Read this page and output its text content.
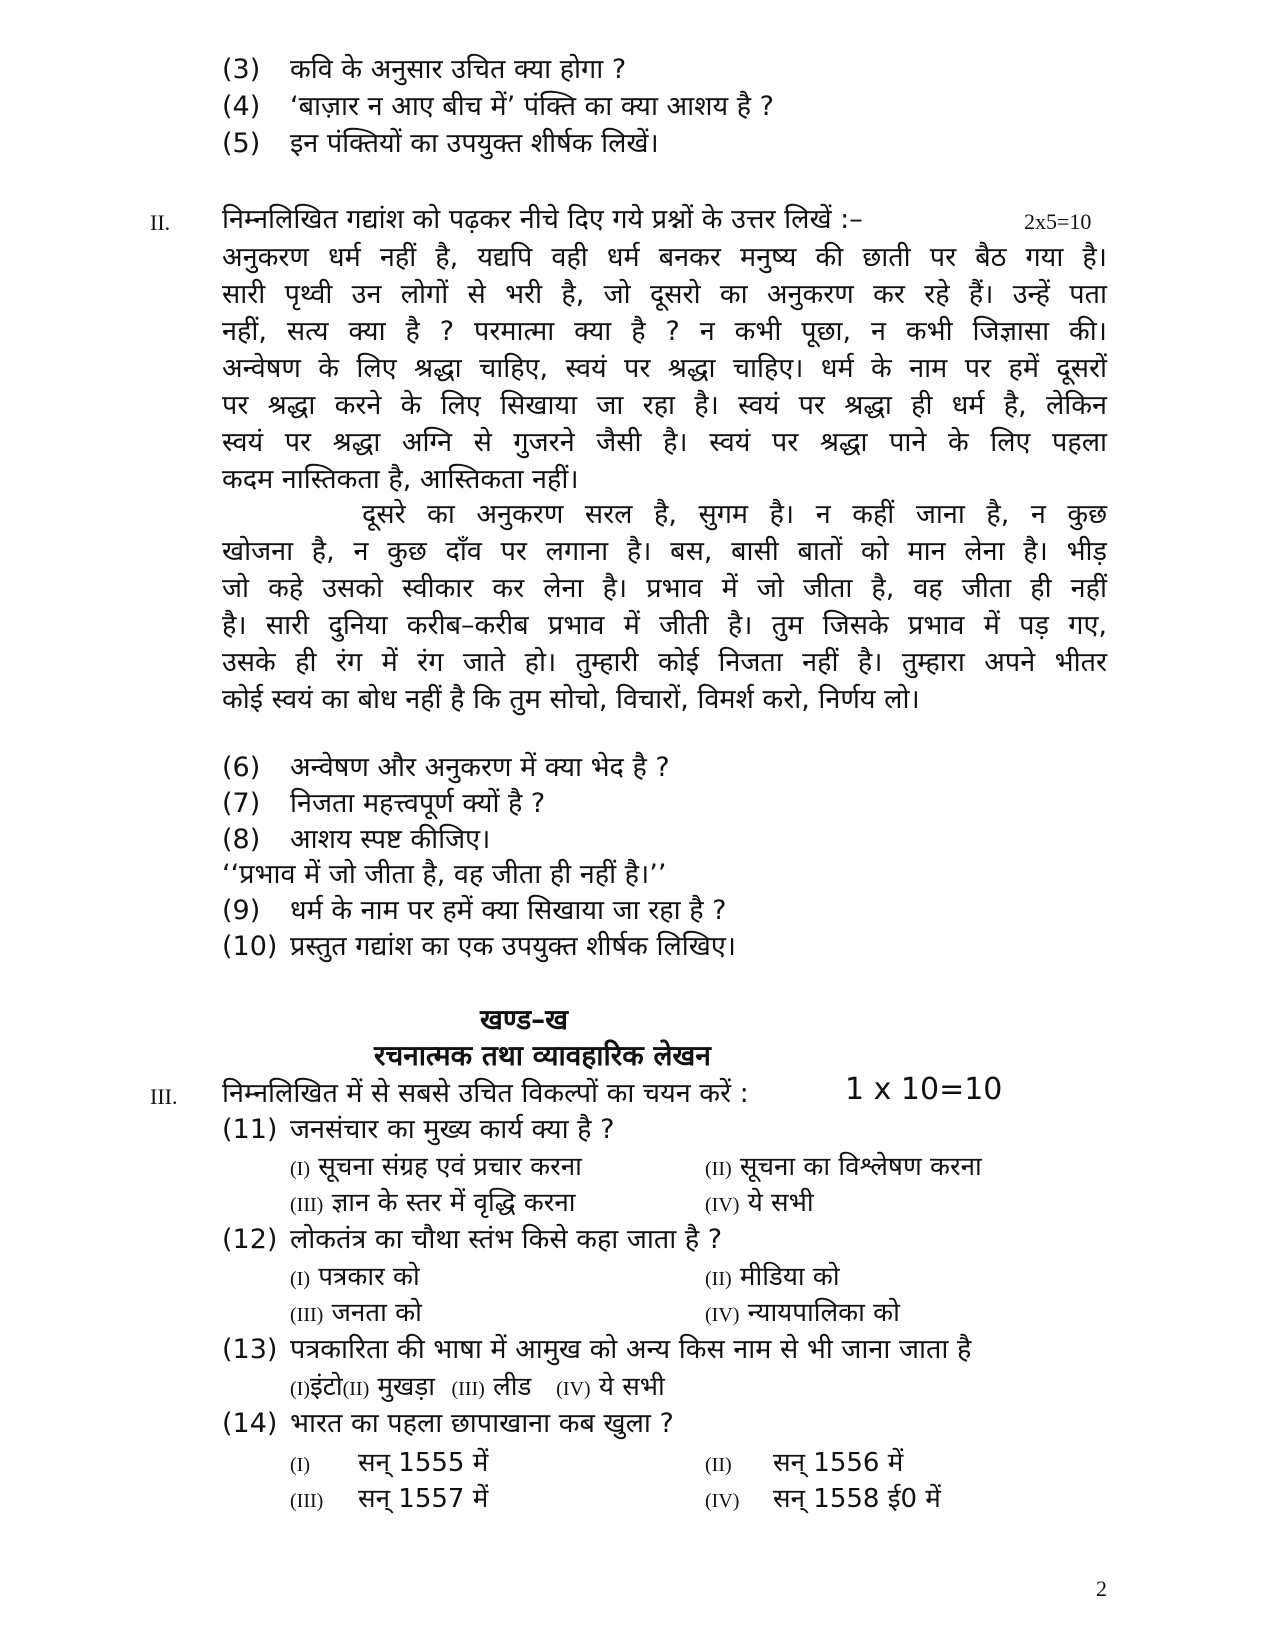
(3) कवि के अनुसार उचित क्या होगा ?
(4) ‘बाज़ार न आए बीच में’ पंक्ति का क्या आशय है ?
(5) इन पंक्तियों का उपयुक्त शीर्षक लिखें।
II. निम्नलिखित गद्यांश को पढ़कर नीचे दिए गये प्रश्नों के उत्तर लिखें :–	2x5=10
अनुकरण धर्म नहीं है, यद्यपि वही धर्म बनकर मनुष्य की छाती पर बैठ गया है।
सारी पृथ्वी उन लोगों से भरी है, जो दूसरो का अनुकरण कर रहे हैं। उन्हें पता
नहीं, सत्य क्या है ? परमात्मा क्या है ? न कभी पूछा, न कभी जिज्ञासा की।
अन्वेषण के लिए श्रद्धा चाहिए, स्वयं पर श्रद्धा चाहिए। धर्म के नाम पर हमें दूसरों
पर श्रद्धा करने के लिए सिखाया जा रहा है। स्वयं पर श्रद्धा ही धर्म है, लेकिन
स्वयं पर श्रद्धा अग्नि से गुजरने जैसी है। स्वयं पर श्रद्धा पाने के लिए पहला
कदम नास्तिकता है, आस्तिकता नहीं।
दूसरे का अनुकरण सरल है, सुगम है। न कहीं जाना है, न कुछ
खोजना है, न कुछ दाँव पर लगाना है। बस, बासी बातों को मान लेना है। भीड़
जो कहे उसको स्वीकार कर लेना है। प्रभाव में जो जीता है, वह जीता ही नहीं
है। सारी दुनिया करीब–करीब प्रभाव में जीती है। तुम जिसके प्रभाव में पड़ गए,
उसके ही रंग में रंग जाते हो। तुम्हारी कोई निजता नहीं है। तुम्हारा अपने भीतर
कोई स्वयं का बोध नहीं है कि तुम सोचो, विचारों, विमर्श करो, निर्णय लो।
(6) अन्वेषण और अनुकरण में क्या भेद है ?
(7) निजता महत्त्वपूर्ण क्यों है ?
(8) आशय स्पष्ट कीजिए।
‘‘प्रभाव में जो जीता है, वह जीता ही नहीं है।’’
(9) धर्म के नाम पर हमें क्या सिखाया जा रहा है ?
(10) प्रस्तुत गद्यांश का एक उपयुक्त शीर्षक लिखिए।
खण्ड–ख
रचनात्मक तथा व्यावहारिक लेखन
III. निम्नलिखित में से सबसे उचित विकल्पों का चयन करें :	1 x 10=10
(11) जनसंचार का मुख्य कार्य क्या है ?
(I) सूचना संग्रह एवं प्रचार करना	(II) सूचना का विश्लेषण करना
(III) ज्ञान के स्तर में वृद्धि करना	(IV) ये सभी
(12) लोकतंत्र का चौथा स्तंभ किसे कहा जाता है ?
(I) पत्रकार को	(II) मीडिया को
(III) जनता को	(IV) न्यायपालिका को
(13) पत्रकारिता की भाषा में आमुख को अन्य किस नाम से भी जाना जाता है
(I)इंटो(II) मुखड़ा (III) लीड (IV) ये सभी
(14) भारत का पहला छापाखाना कब खुला ?
(I) सन् 1555 में	(II) सन् 1556 में
(III) सन् 1557 में	(IV) सन् 1558 ई0 में
2
